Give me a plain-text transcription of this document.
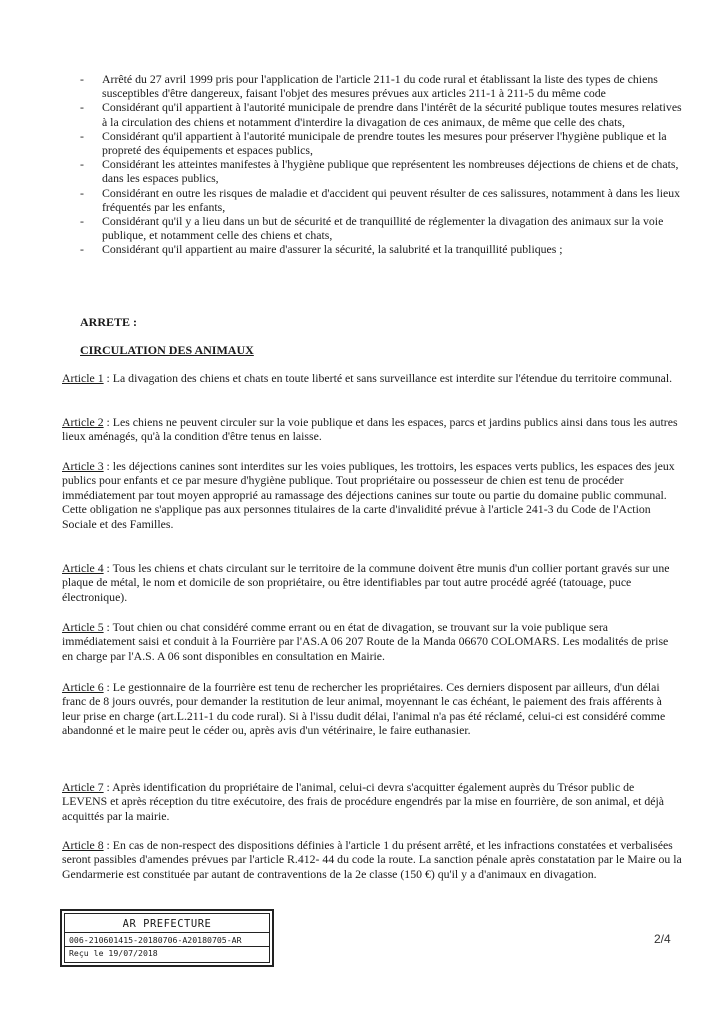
- Arrêté du 27 avril 1999 pris pour l'application de l'article 211-1 du code rural et établissant la liste des types de chiens susceptibles d'être dangereux, faisant l'objet des mesures prévues aux articles 211-1 à 211-5 du même code
- Considérant qu'il appartient à l'autorité municipale de prendre dans l'intérêt de la sécurité publique toutes mesures relatives à la circulation des chiens et notamment d'interdire la divagation de ces animaux, de même que celle des chats,
- Considérant qu'il appartient à l'autorité municipale de prendre toutes les mesures pour préserver l'hygiène publique et la propreté des équipements et espaces publics,
- Considérant les atteintes manifestes à l'hygiène publique que représentent les nombreuses déjections de chiens et de chats, dans les espaces publics,
- Considérant en outre les risques de maladie et d'accident qui peuvent résulter de ces salissures, notamment à dans les lieux fréquentés par les enfants,
- Considérant qu'il y a lieu dans un but de sécurité et de tranquillité de réglementer la divagation des animaux sur la voie publique, et notamment celle des chiens et chats,
- Considérant qu'il appartient au maire d'assurer la sécurité, la salubrité et la tranquillité publiques ;
ARRETE :
CIRCULATION DES ANIMAUX

Article 1 : La divagation des chiens et chats en toute liberté et sans surveillance est interdite sur l'étendue du territoire communal.

Article 2 : Les chiens ne peuvent circuler sur la voie publique et dans les espaces, parcs et jardins publics ainsi dans tous les autres lieux aménagés, qu'à la condition d'être tenus en laisse.

Article 3 : les déjections canines sont interdites sur les voies publiques, les trottoirs, les espaces verts publics, les espaces des jeux publics pour enfants et ce par mesure d'hygiène publique. Tout propriétaire ou possesseur de chien est tenu de procéder immédiatement par tout moyen approprié au ramassage des déjections canines sur toute ou partie du domaine public communal.

Cette obligation ne s'applique pas aux personnes titulaires de la carte d'invalidité prévue à l'article 241-3 du Code de l'Action Sociale et des Familles.

Article 4 : Tous les chiens et chats circulant sur le territoire de la commune doivent être munis d'un collier portant gravés sur une plaque de métal, le nom et domicile de son propriétaire, ou être identifiables par tout autre procédé agréé (tatouage, puce électronique).

Article 5 : Tout chien ou chat considéré comme errant ou en état de divagation, se trouvant sur la voie publique sera immédiatement saisi et conduit à la Fourrière par l'AS.A 06 207 Route de la Manda 06670 COLOMARS. Les modalités de prise en charge par l'A.S. A 06 sont disponibles en consultation en Mairie.

Article 6 : Le gestionnaire de la fourrière est tenu de rechercher les propriétaires. Ces derniers disposent par ailleurs, d'un délai franc de 8 jours ouvrés, pour demander la restitution de leur animal, moyennant le cas échéant, le paiement des frais afférents à leur prise en charge (art.L.211-1 du code rural). Si à l'issu dudit délai, l'animal n'a pas été réclamé, celui-ci est considéré comme abandonné et le maire peut le céder ou, après avis d'un vétérinaire, le faire euthanasier.

Article 7 : Après identification du propriétaire de l'animal, celui-ci devra s'acquitter également auprès du Trésor public de LEVENS et après réception du titre exécutoire, des frais de procédure engendrés par la mise en fourrière, de son animal, et déjà acquittés par la mairie.

Article 8 : En cas de non-respect des dispositions définies à l'article 1 du présent arrêté, et les infractions constatées et verbalisées seront passibles d'amendes prévues par l'article R.412- 44 du code la route. La sanction pénale après constatation par le Maire ou la Gendarmerie est constituée par autant de contraventions de la 2e classe (150 €) qu'il y a d'animaux en divagation.

AR PREFECTURE
006-210601415-20180706-A20180705-AR
Reçu le 19/07/2018
2/4
